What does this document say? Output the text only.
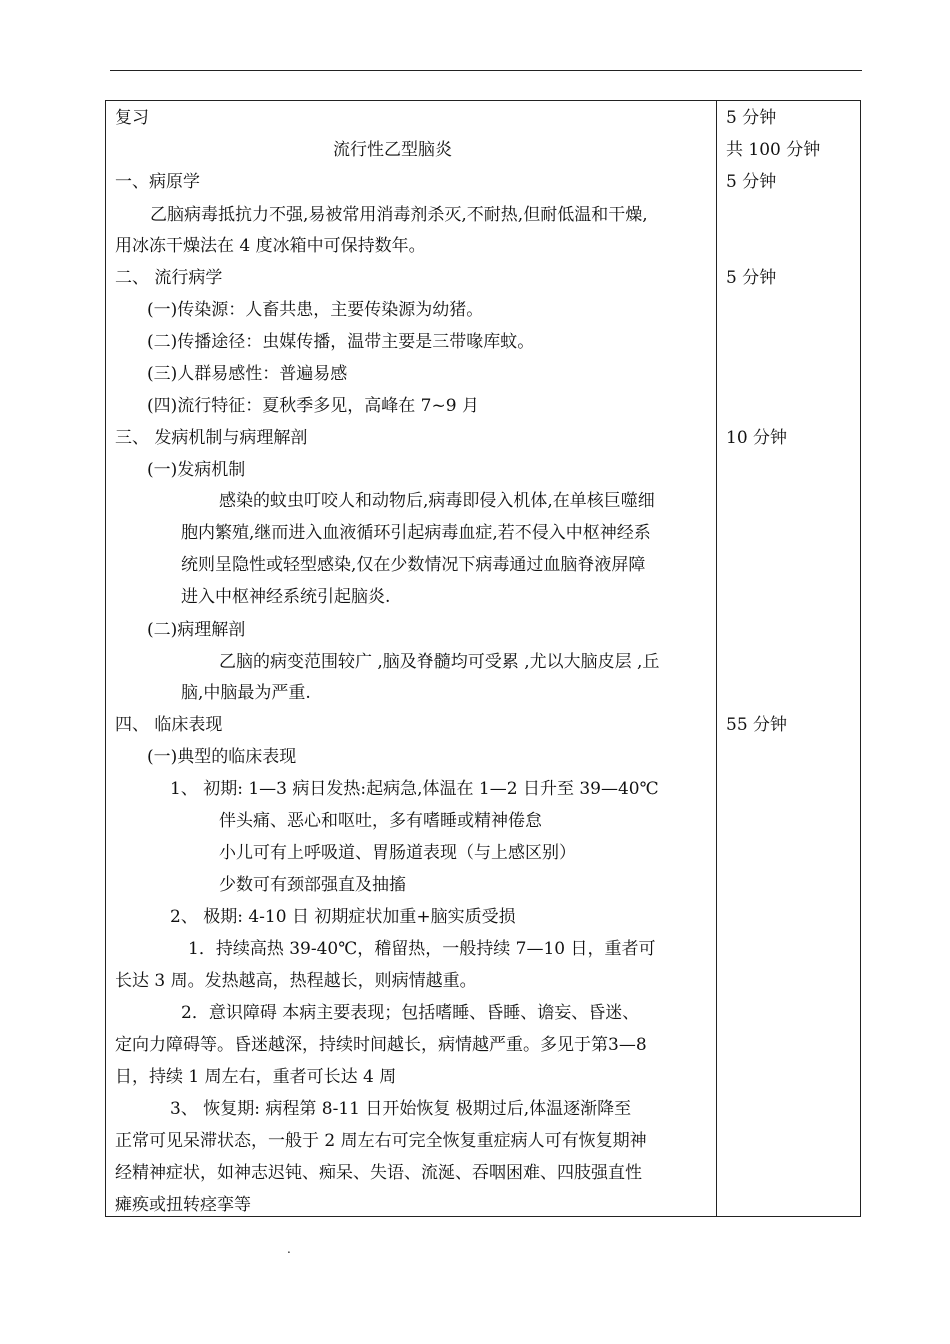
复习
流行性乙型脑炎
一、病原学
乙脑病毒抵抗力不强,易被常用消毒剂杀灭,不耐热,但耐低温和干燥,
用冰冻干燥法在 4 度冰箱中可保持数年。
二、 流行病学
(一)传染源：人畜共患，主要传染源为幼猪。
(二)传播途径：虫媒传播，温带主要是三带喙库蚊。
(三)人群易感性：普遍易感
(四)流行特征：夏秋季多见，高峰在 7~9 月
三、 发病机制与病理解剖
(一)发病机制
感染的蚊虫叮咬人和动物后,病毒即侵入机体,在单核巨噬细
胞内繁殖,继而进入血液循环引起病毒血症,若不侵入中枢神经系
统则呈隐性或轻型感染,仅在少数情况下病毒通过血脑脊液屏障
进入中枢神经系统引起脑炎.
(二)病理解剖
乙脑的病变范围较广 ,脑及脊髓均可受累 ,尤以大脑皮层 ,丘
脑,中脑最为严重.
四、 临床表现
(一)典型的临床表现
1、 初期: 1—3 病日发热:起病急,体温在 1—2 日升至 39—40℃
伴头痛、恶心和呕吐，多有嗜睡或精神倦怠
小儿可有上呼吸道、胃肠道表现（与上感区别）
少数可有颈部强直及抽搐
2、 极期: 4-10 日 初期症状加重+脑实质受损
1．持续高热 39-40℃，稽留热，一般持续 7—10 日，重者可
长达 3 周。发热越高，热程越长，则病情越重。
2．意识障碍 本病主要表现；包括嗜睡、昏睡、谵妄、昏迷、
定向力障碍等。昏迷越深，持续时间越长，病情越严重。多见于第3—8
日，持续 1 周左右，重者可长达 4 周
3、 恢复期: 病程第 8-11 日开始恢复 极期过后,体温逐渐降至
正常可见呆滞状态，一般于 2 周左右可完全恢复重症病人可有恢复期神
经精神症状，如神志迟钝、痴呆、失语、流涎、吞咽困难、四肢强直性
瘫痪或扭转痉挛等
5 分钟
共 100 分钟
5 分钟
5 分钟
10 分钟
55 分钟
.
